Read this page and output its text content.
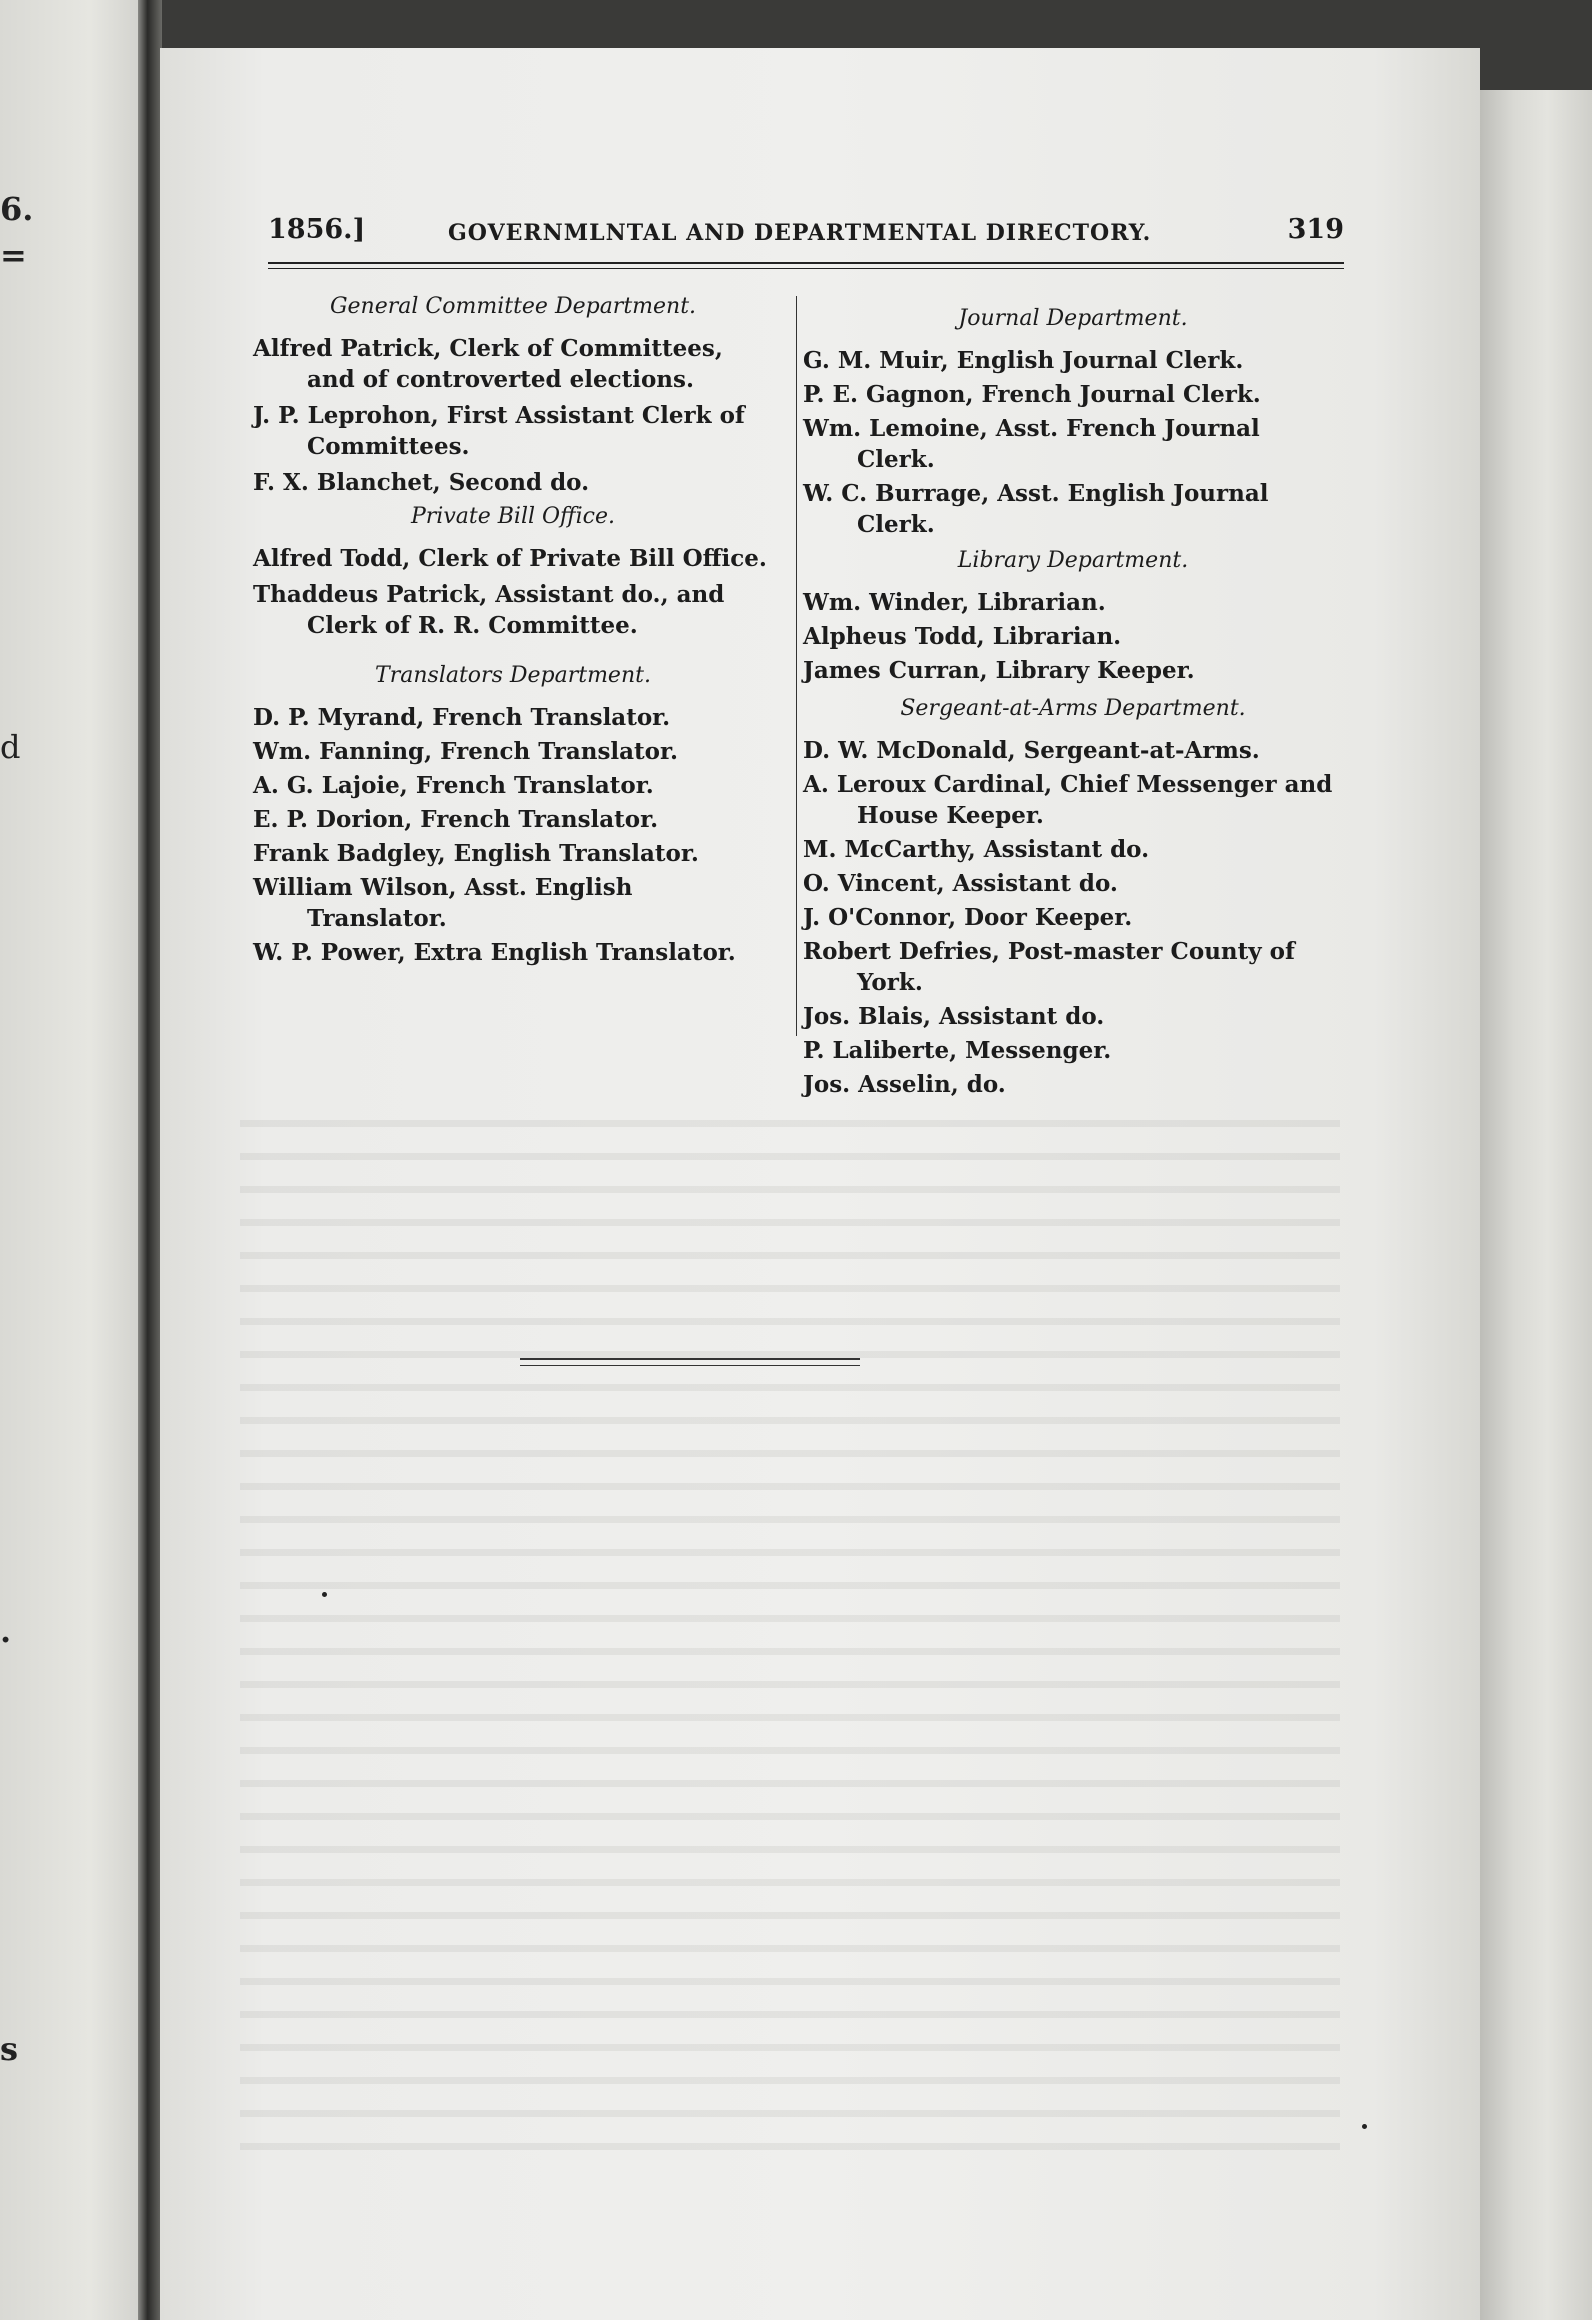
6.
=
d
.
s
1856.]	GOVERNMLNTAL AND DEPARTMENTAL DIRECTORY.	319
General Committee Department.
Alfred Patrick, Clerk of Committees, and of controverted elections.
J. P. Leprohon, First Assistant Clerk of Committees.
F. X. Blanchet, Second do.
Private Bill Office.
Alfred Todd, Clerk of Private Bill Office.
Thaddeus Patrick, Assistant do., and Clerk of R. R. Committee.
Translators Department.
D. P. Myrand, French Translator.
Wm. Fanning, French Translator.
A. G. Lajoie, French Translator.
E. P. Dorion, French Translator.
Frank Badgley, English Translator.
William Wilson, Asst. English Translator.
W. P. Power, Extra English Translator.
Journal Department.
G. M. Muir, English Journal Clerk.
P. E. Gagnon, French Journal Clerk.
Wm. Lemoine, Asst. French Journal Clerk.
W. C. Burrage, Asst. English Journal Clerk.
Library Department.
Wm. Winder, Librarian.
Alpheus Todd, Librarian.
James Curran, Library Keeper.
Sergeant-at-Arms Department.
D. W. McDonald, Sergeant-at-Arms.
A. Leroux Cardinal, Chief Messenger and House Keeper.
M. McCarthy, Assistant do.
O. Vincent, Assistant do.
J. O'Connor, Door Keeper.
Robert Defries, Post-master County of York.
Jos. Blais, Assistant do.
P. Laliberte, Messenger.
Jos. Asselin, do.
